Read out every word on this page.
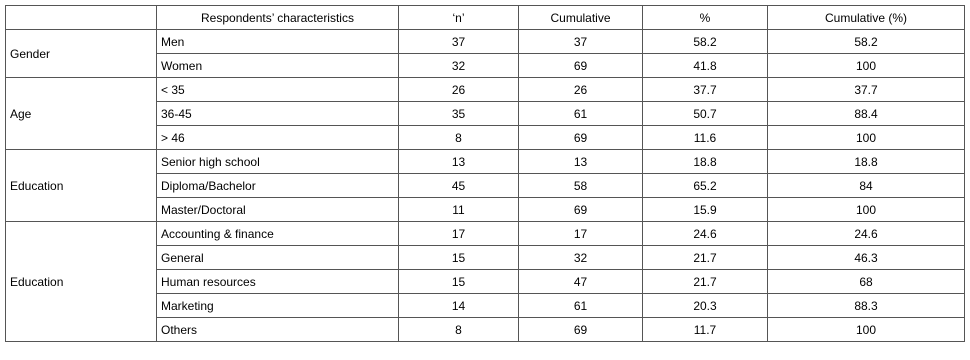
	Respondents’ characteristics	‘n’	Cumulative	%	Cumulative (%)
Gender	Men	37	37	58.2	58.2
	Women	32	69	41.8	100
Age	< 35	26	26	37.7	37.7
	36-45	35	61	50.7	88.4
	> 46	8	69	11.6	100
Education	Senior high school	13	13	18.8	18.8
	Diploma/Bachelor	45	58	65.2	84
	Master/Doctoral	11	69	15.9	100
Education	Accounting & finance	17	17	24.6	24.6
	General	15	32	21.7	46.3
	Human resources	15	47	21.7	68
	Marketing	14	61	20.3	88.3
	Others	8	69	11.7	100
